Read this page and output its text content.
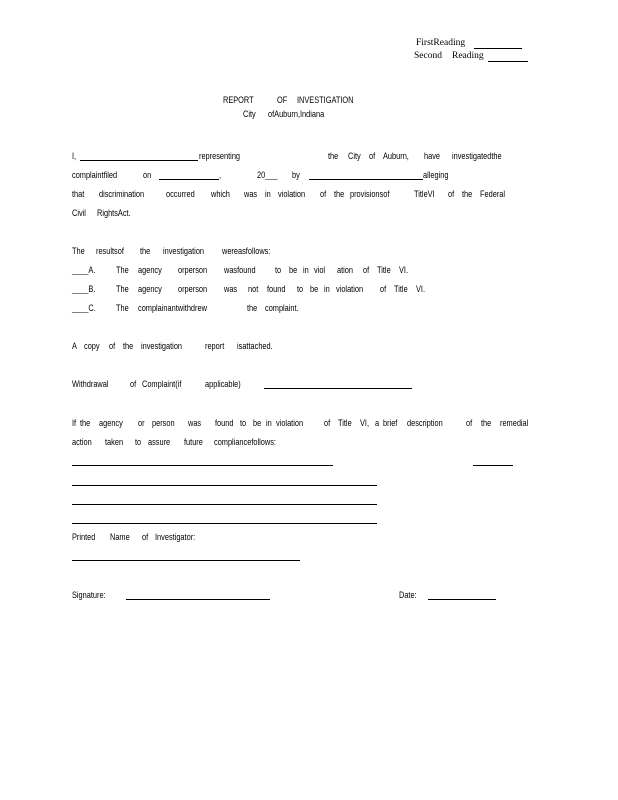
FirstReading
Second Reading
REPORT	OF INVESTIGATION
City ofAuburn,Indiana
I,	representing	the City of Auburn, have investigatedthe
complaintfiled	on	,	20___ by	alleging
that discrimination occurred which was in violation of the provisionsof	TitleVI of the Federal
Civil RightsAct.
The resultsof the investigation wereasfollows:
____A. The agency orperson wasfound to be in viol ation of Title VI.
____B. The agency orperson was not found to be in violation of Title VI.
____C. The complainantwithdrew	the complaint.
A copy of the investigation	report isattached.
Withdrawal of Complaint(if	applicable)
If the agency or person was found to be in violation of Title VI, a brief description	of the remedial
action taken to assure future compliancefollows:
Printed Name of Investigator:
Signature:	Date:
